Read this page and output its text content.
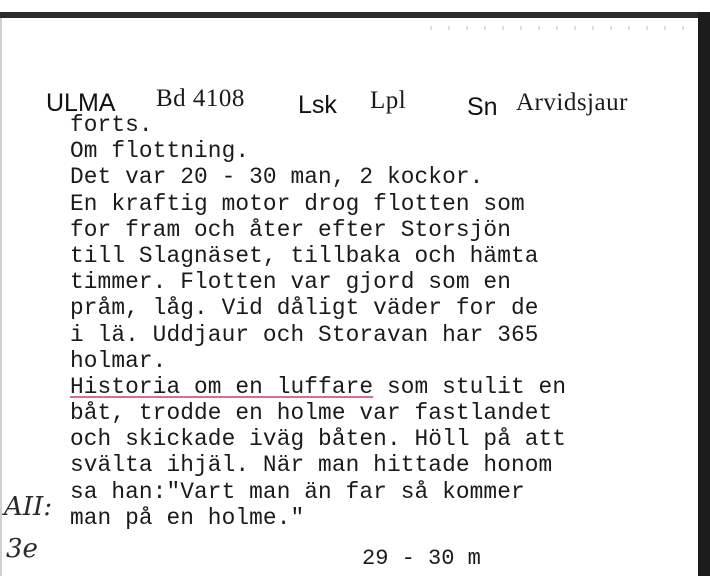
ULMA Bd 4108 Lsk Lpl Sn Arvidsjaur
forts.
Om flottning.
Det var 20 - 30 man, 2 kockor.
En kraftig motor drog flotten som
for fram och åter efter Storsjön
till Slagnäset, tillbaka och hämta
timmer. Flotten var gjord som en
pråm, låg. Vid dåligt väder for de
i lä. Uddjaur och Storavan har 365
holmar.
Historia om en luffare som stulit en
båt, trodde en holme var fastlandet
och skickade iväg båten. Höll på att
svälta ihjäl. När man hittade honom
sa han:"Vart man än far så kommer
man på en holme."
29 - 30 m
AII:
3e
